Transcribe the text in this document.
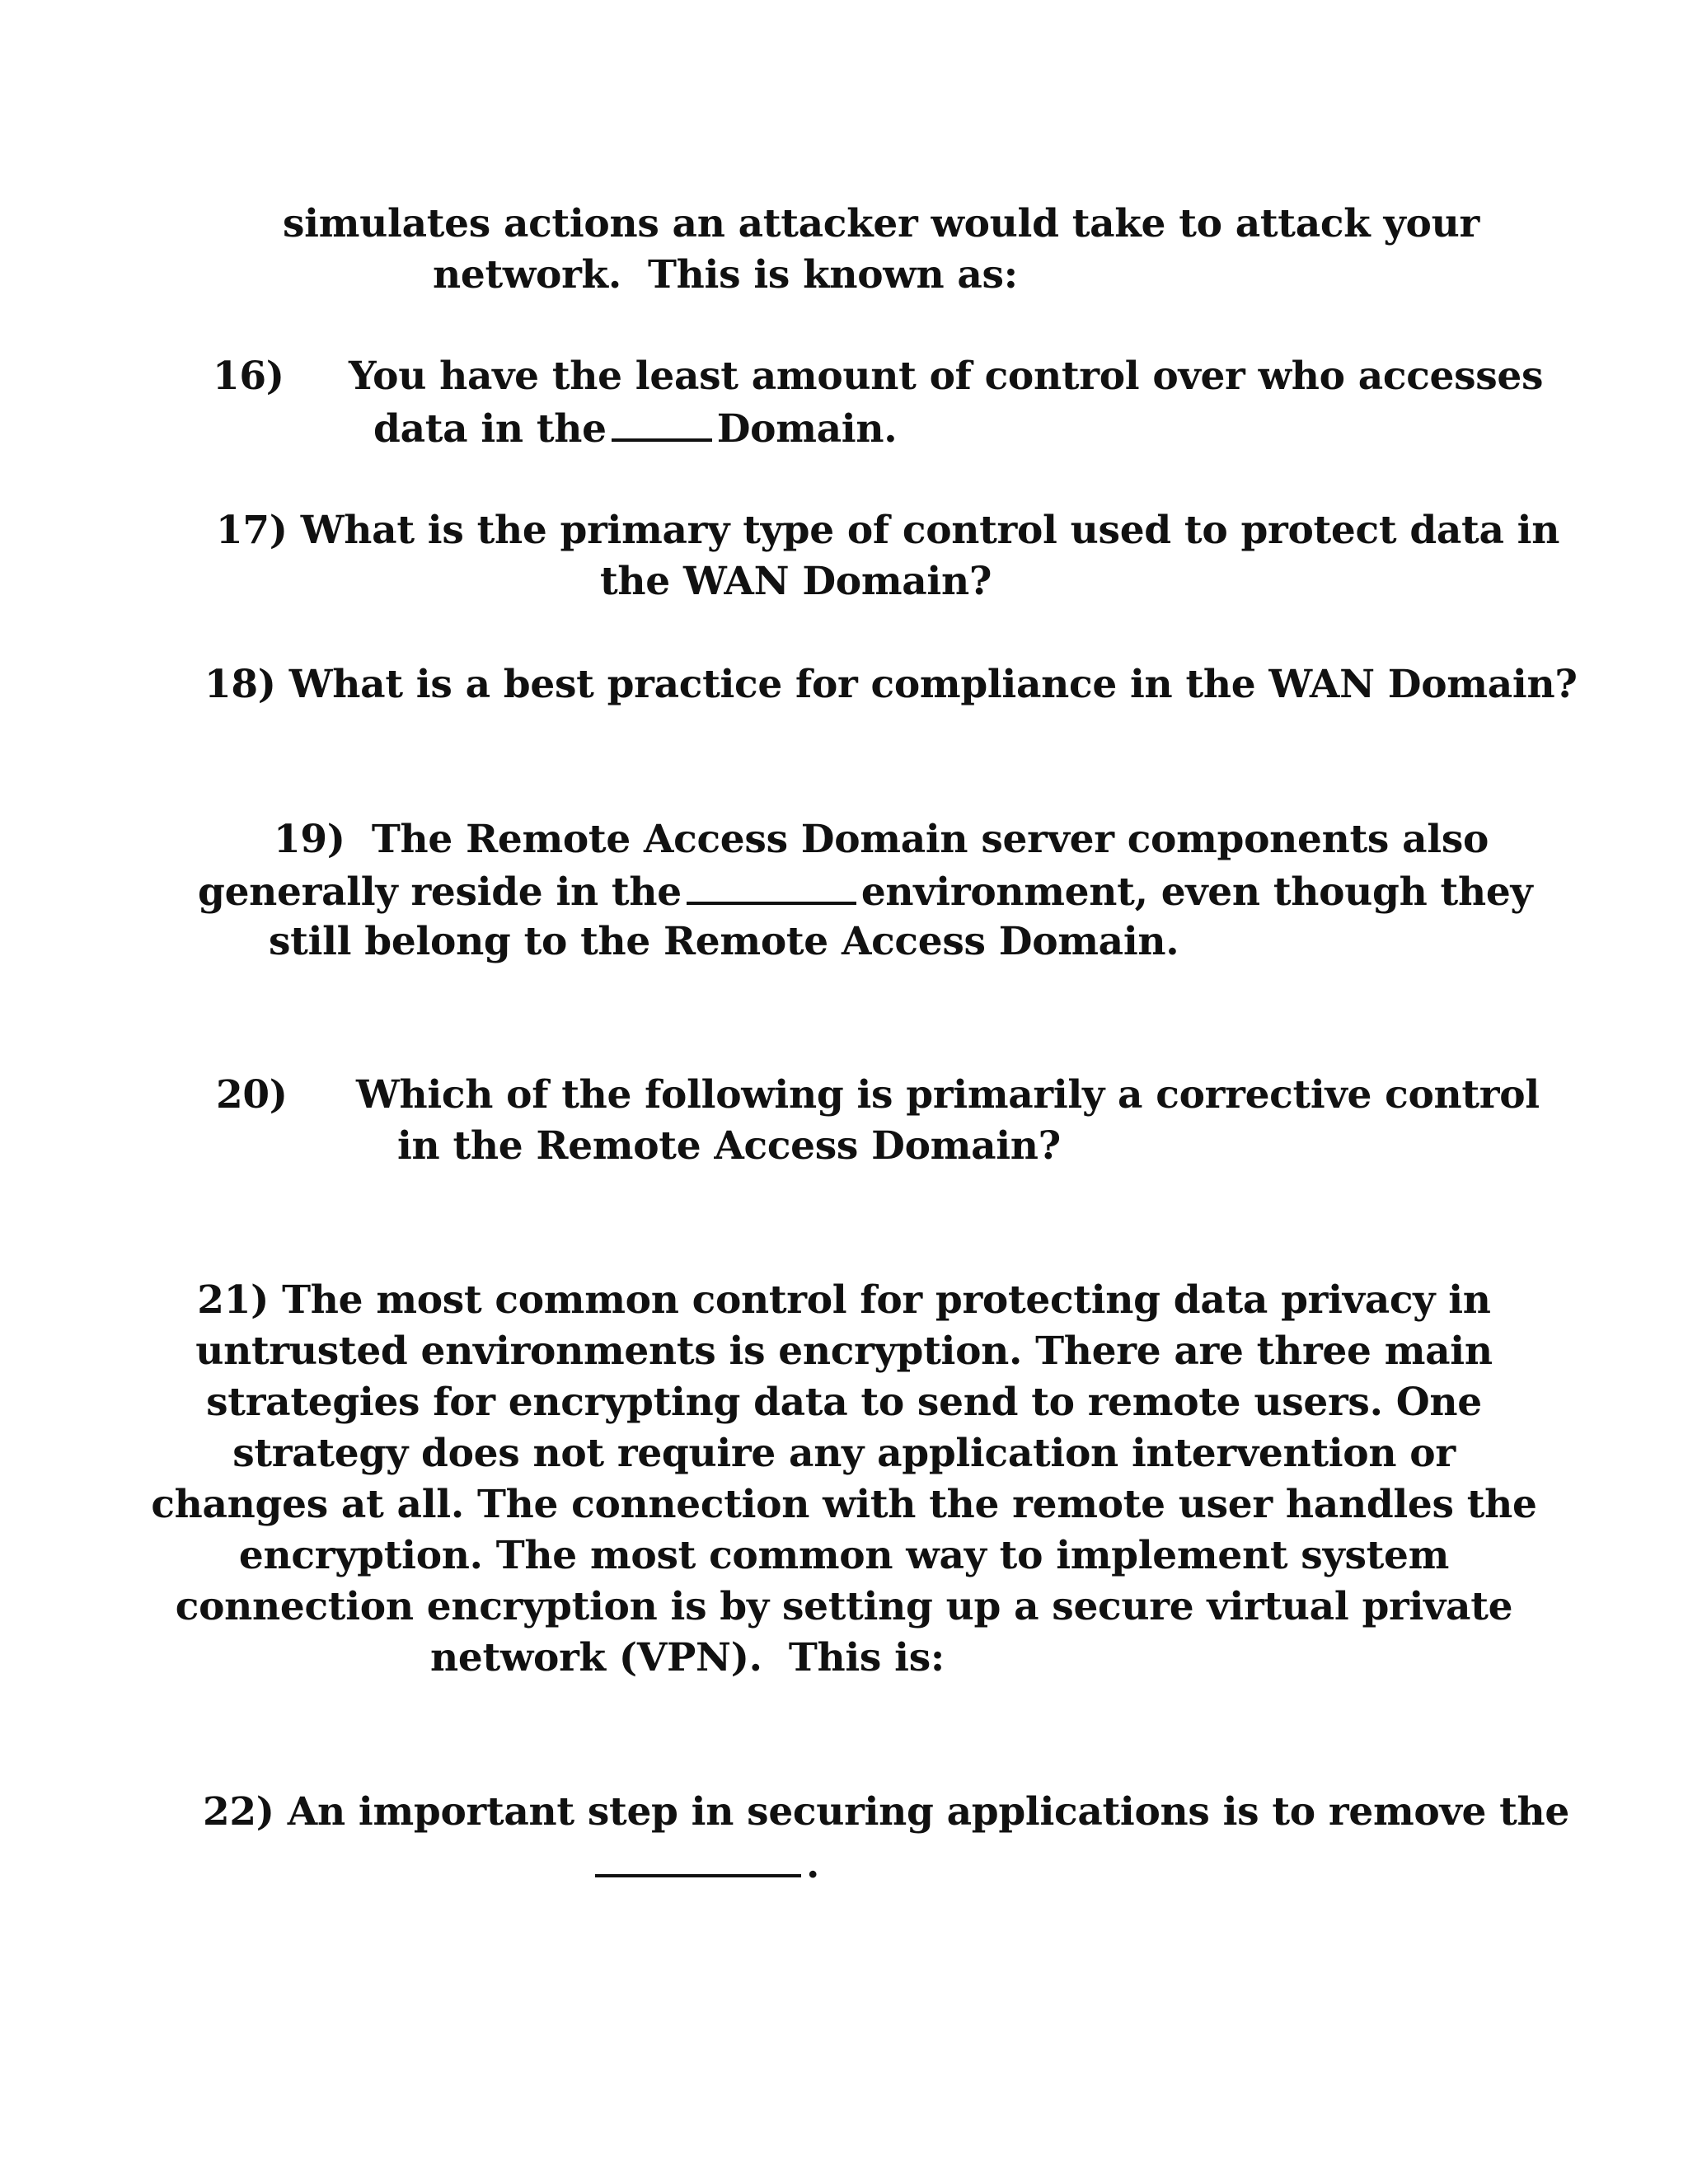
simulates actions an attacker would take to attack your
network.  This is known as:
16) You have the least amount of control over who accesses
data in the	Domain.
17) What is the primary type of control used to protect data in
the WAN Domain?
18) What is a best practice for compliance in the WAN Domain?
19)  The Remote Access Domain server components also
generally reside in the	environment, even though they
still belong to the Remote Access Domain.
20) Which of the following is primarily a corrective control
in the Remote Access Domain?
21) The most common control for protecting data privacy in
untrusted environments is encryption. There are three main
strategies for encrypting data to send to remote users. One
strategy does not require any application intervention or
changes at all. The connection with the remote user handles the
encryption. The most common way to implement system
connection encryption is by setting up a secure virtual private
network (VPN).  This is:
22) An important step in securing applications is to remove the
.
